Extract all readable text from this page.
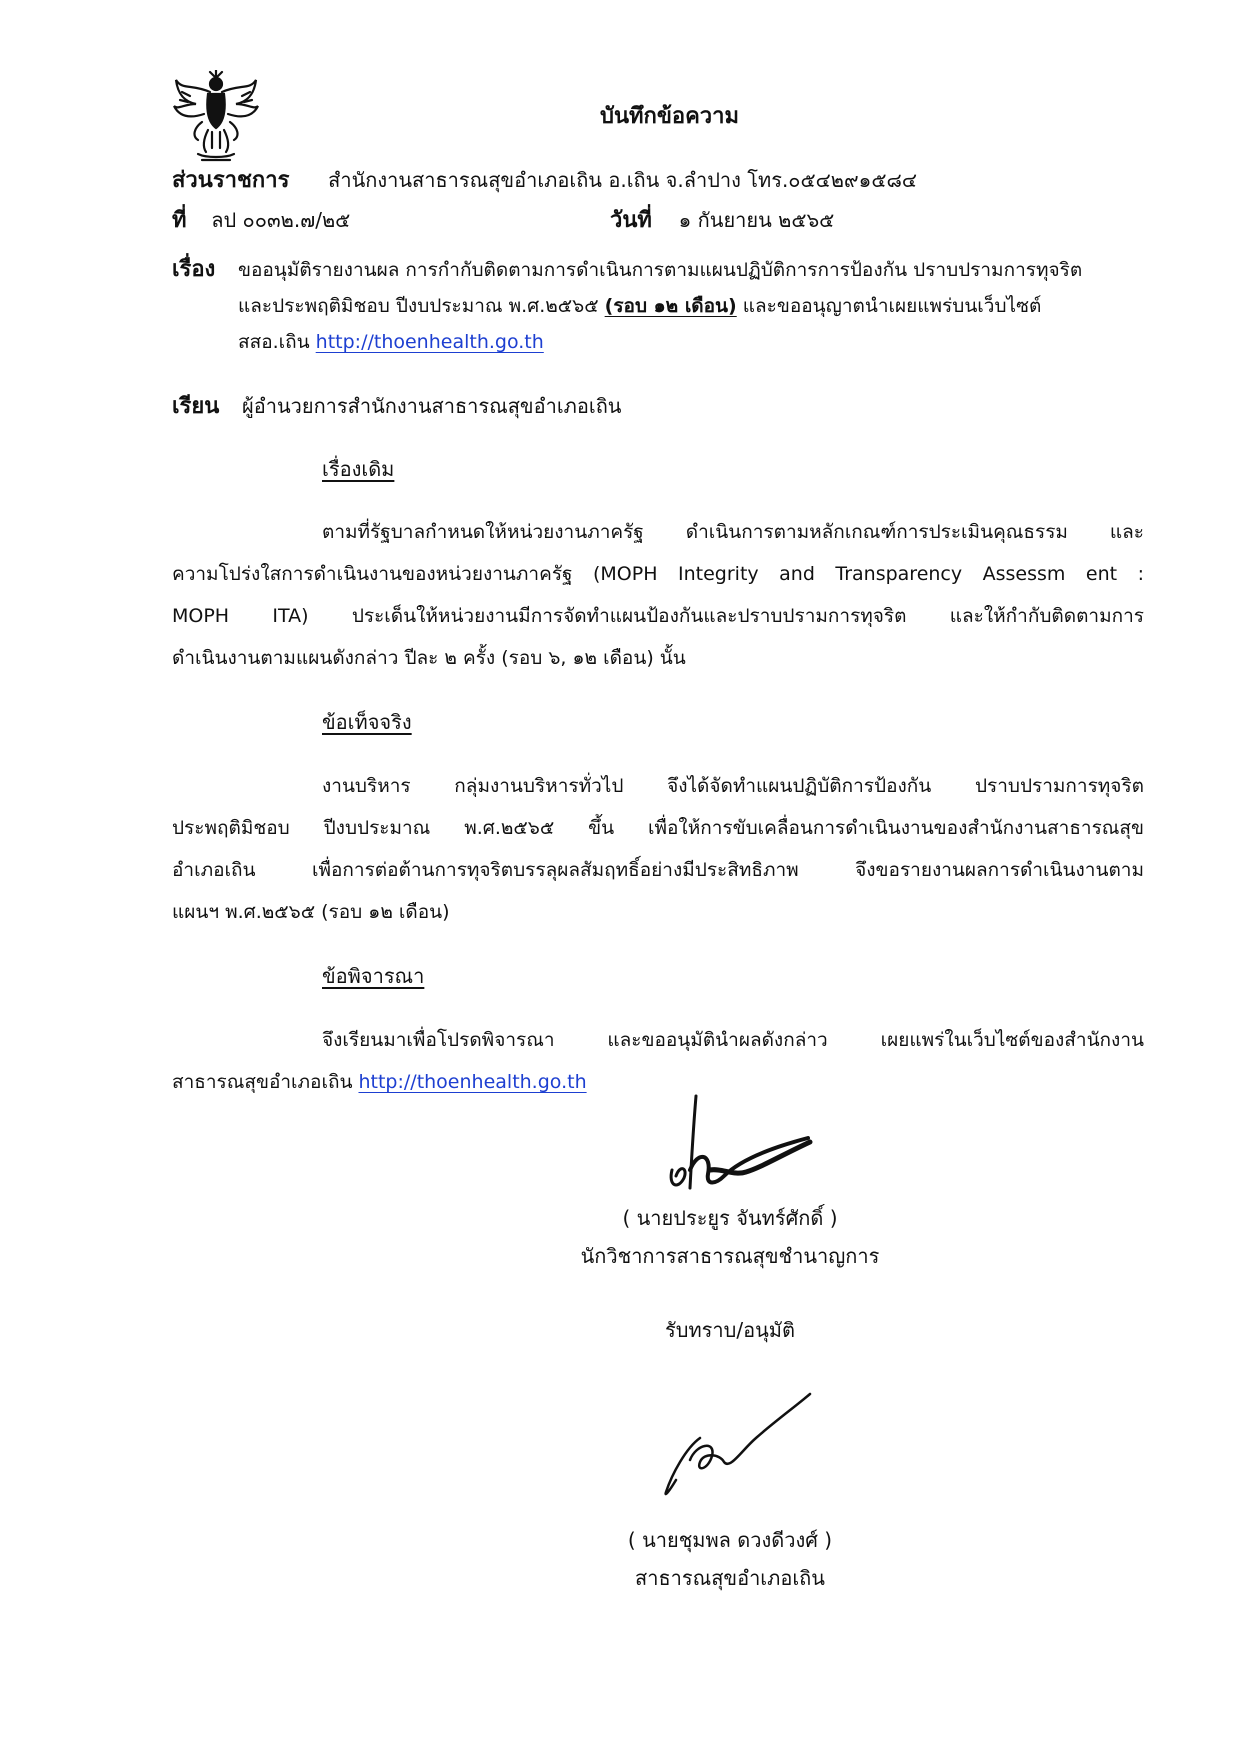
บันทึกข้อความ
ส่วนราชการ สำนักงานสาธารณสุขอำเภอเถิน อ.เถิน จ.ลำปาง โทร.๐๕๔๒๙๑๕๘๔
ที่ ลป ๐๐๓๒.๗/๒๕	วันที่ ๑ กันยายน ๒๕๖๕
เรื่อง ขออนุมัติรายงานผล การกำกับติดตามการดำเนินการตามแผนปฏิบัติการการป้องกัน ปราบปรามการทุจริต
และประพฤติมิชอบ ปีงบประมาณ พ.ศ.๒๕๖๕ (รอบ ๑๒ เดือน) และขออนุญาตนำเผยแพร่บนเว็บไซต์
สสอ.เถิน http://thoenhealth.go.th
เรียน ผู้อำนวยการสำนักงานสาธารณสุขอำเภอเถิน
เรื่องเดิม
ตามที่รัฐบาลกำหนดให้หน่วยงานภาครัฐ ดำเนินการตามหลักเกณฑ์การประเมินคุณธรรม และ
ความโปร่งใสการดำเนินงานของหน่วยงานภาครัฐ (MOPH Integrity and Transparency Assessm ent :
MOPH ITA) ประเด็นให้หน่วยงานมีการจัดทำแผนป้องกันและปราบปรามการทุจริต และให้กำกับติดตามการ
ดำเนินงานตามแผนดังกล่าว ปีละ ๒ ครั้ง (รอบ ๖, ๑๒ เดือน) นั้น
ข้อเท็จจริง
งานบริหาร กลุ่มงานบริหารทั่วไป จึงได้จัดทำแผนปฏิบัติการป้องกัน ปราบปรามการทุจริต
ประพฤติมิชอบ ปีงบประมาณ พ.ศ.๒๕๖๕ ขึ้น เพื่อให้การขับเคลื่อนการดำเนินงานของสำนักงานสาธารณสุข
อำเภอเถิน เพื่อการต่อต้านการทุจริตบรรลุผลสัมฤทธิ์อย่างมีประสิทธิภาพ จึงขอรายงานผลการดำเนินงานตาม
แผนฯ พ.ศ.๒๕๖๕ (รอบ ๑๒ เดือน)
ข้อพิจารณา
จึงเรียนมาเพื่อโปรดพิจารณา และขออนุมัตินำผลดังกล่าว เผยแพร่ในเว็บไซต์ของสำนักงาน
สาธารณสุขอำเภอเถิน http://thoenhealth.go.th
( นายประยูร จันทร์ศักดิ์ )
นักวิชาการสาธารณสุขชำนาญการ
รับทราบ/อนุมัติ
( นายชุมพล ดวงดีวงศ์ )
สาธารณสุขอำเภอเถิน
